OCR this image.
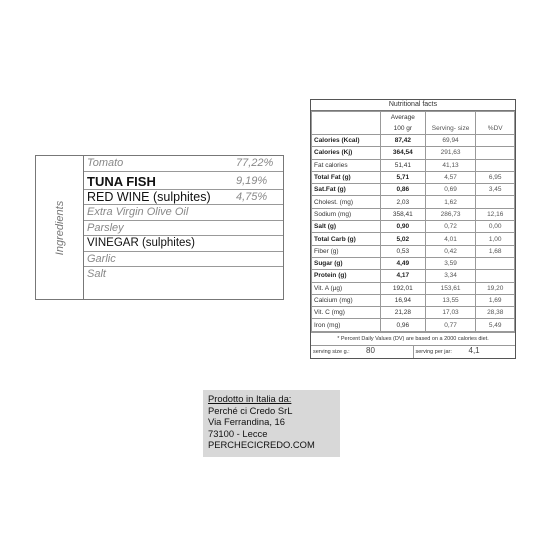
Ingredients
Tomato	77,22%
TUNA FISH	9,19%
RED WINE (sulphites) 4,75%
Extra Virgin Olive Oil
Parsley
VINEGAR (sulphites)
Garlic
Salt
Nutritional facts
	Average		
	100 gr	Serving- size	%DV
Calories (Kcal)	87,42	69,94	
Calories (Kj)	364,54	291,63	
Fat calories	51,41	41,13	
Total Fat (g)	5,71	4,57	6,95
Sat.Fat (g)	0,86	0,69	3,45
Cholest. (mg)	2,03	1,62	
Sodium (mg)	358,41	286,73	12,16
Salt (g)	0,90	0,72	0,00
Total Carb (g)	5,02	4,01	1,00
Fiber (g)	0,53	0,42	1,68
Sugar (g)	4,49	3,59	
Protein (g)	4,17	3,34	
Vit. A (µg)	192,01	153,61	19,20
Calcium (mg)	16,94	13,55	1,69
Vit. C (mg)	21,28	17,03	28,38
Iron (mg)	0,96	0,77	5,49
* Percent Daily Values (DV) are based on a 2000 calories diet.
serving size g.: 80	serving per jar: 4,1
Prodotto in Italia da:
Perché ci Credo SrL
Via Ferrandina, 16
73100 - Lecce
PERCHECICREDO.COM
